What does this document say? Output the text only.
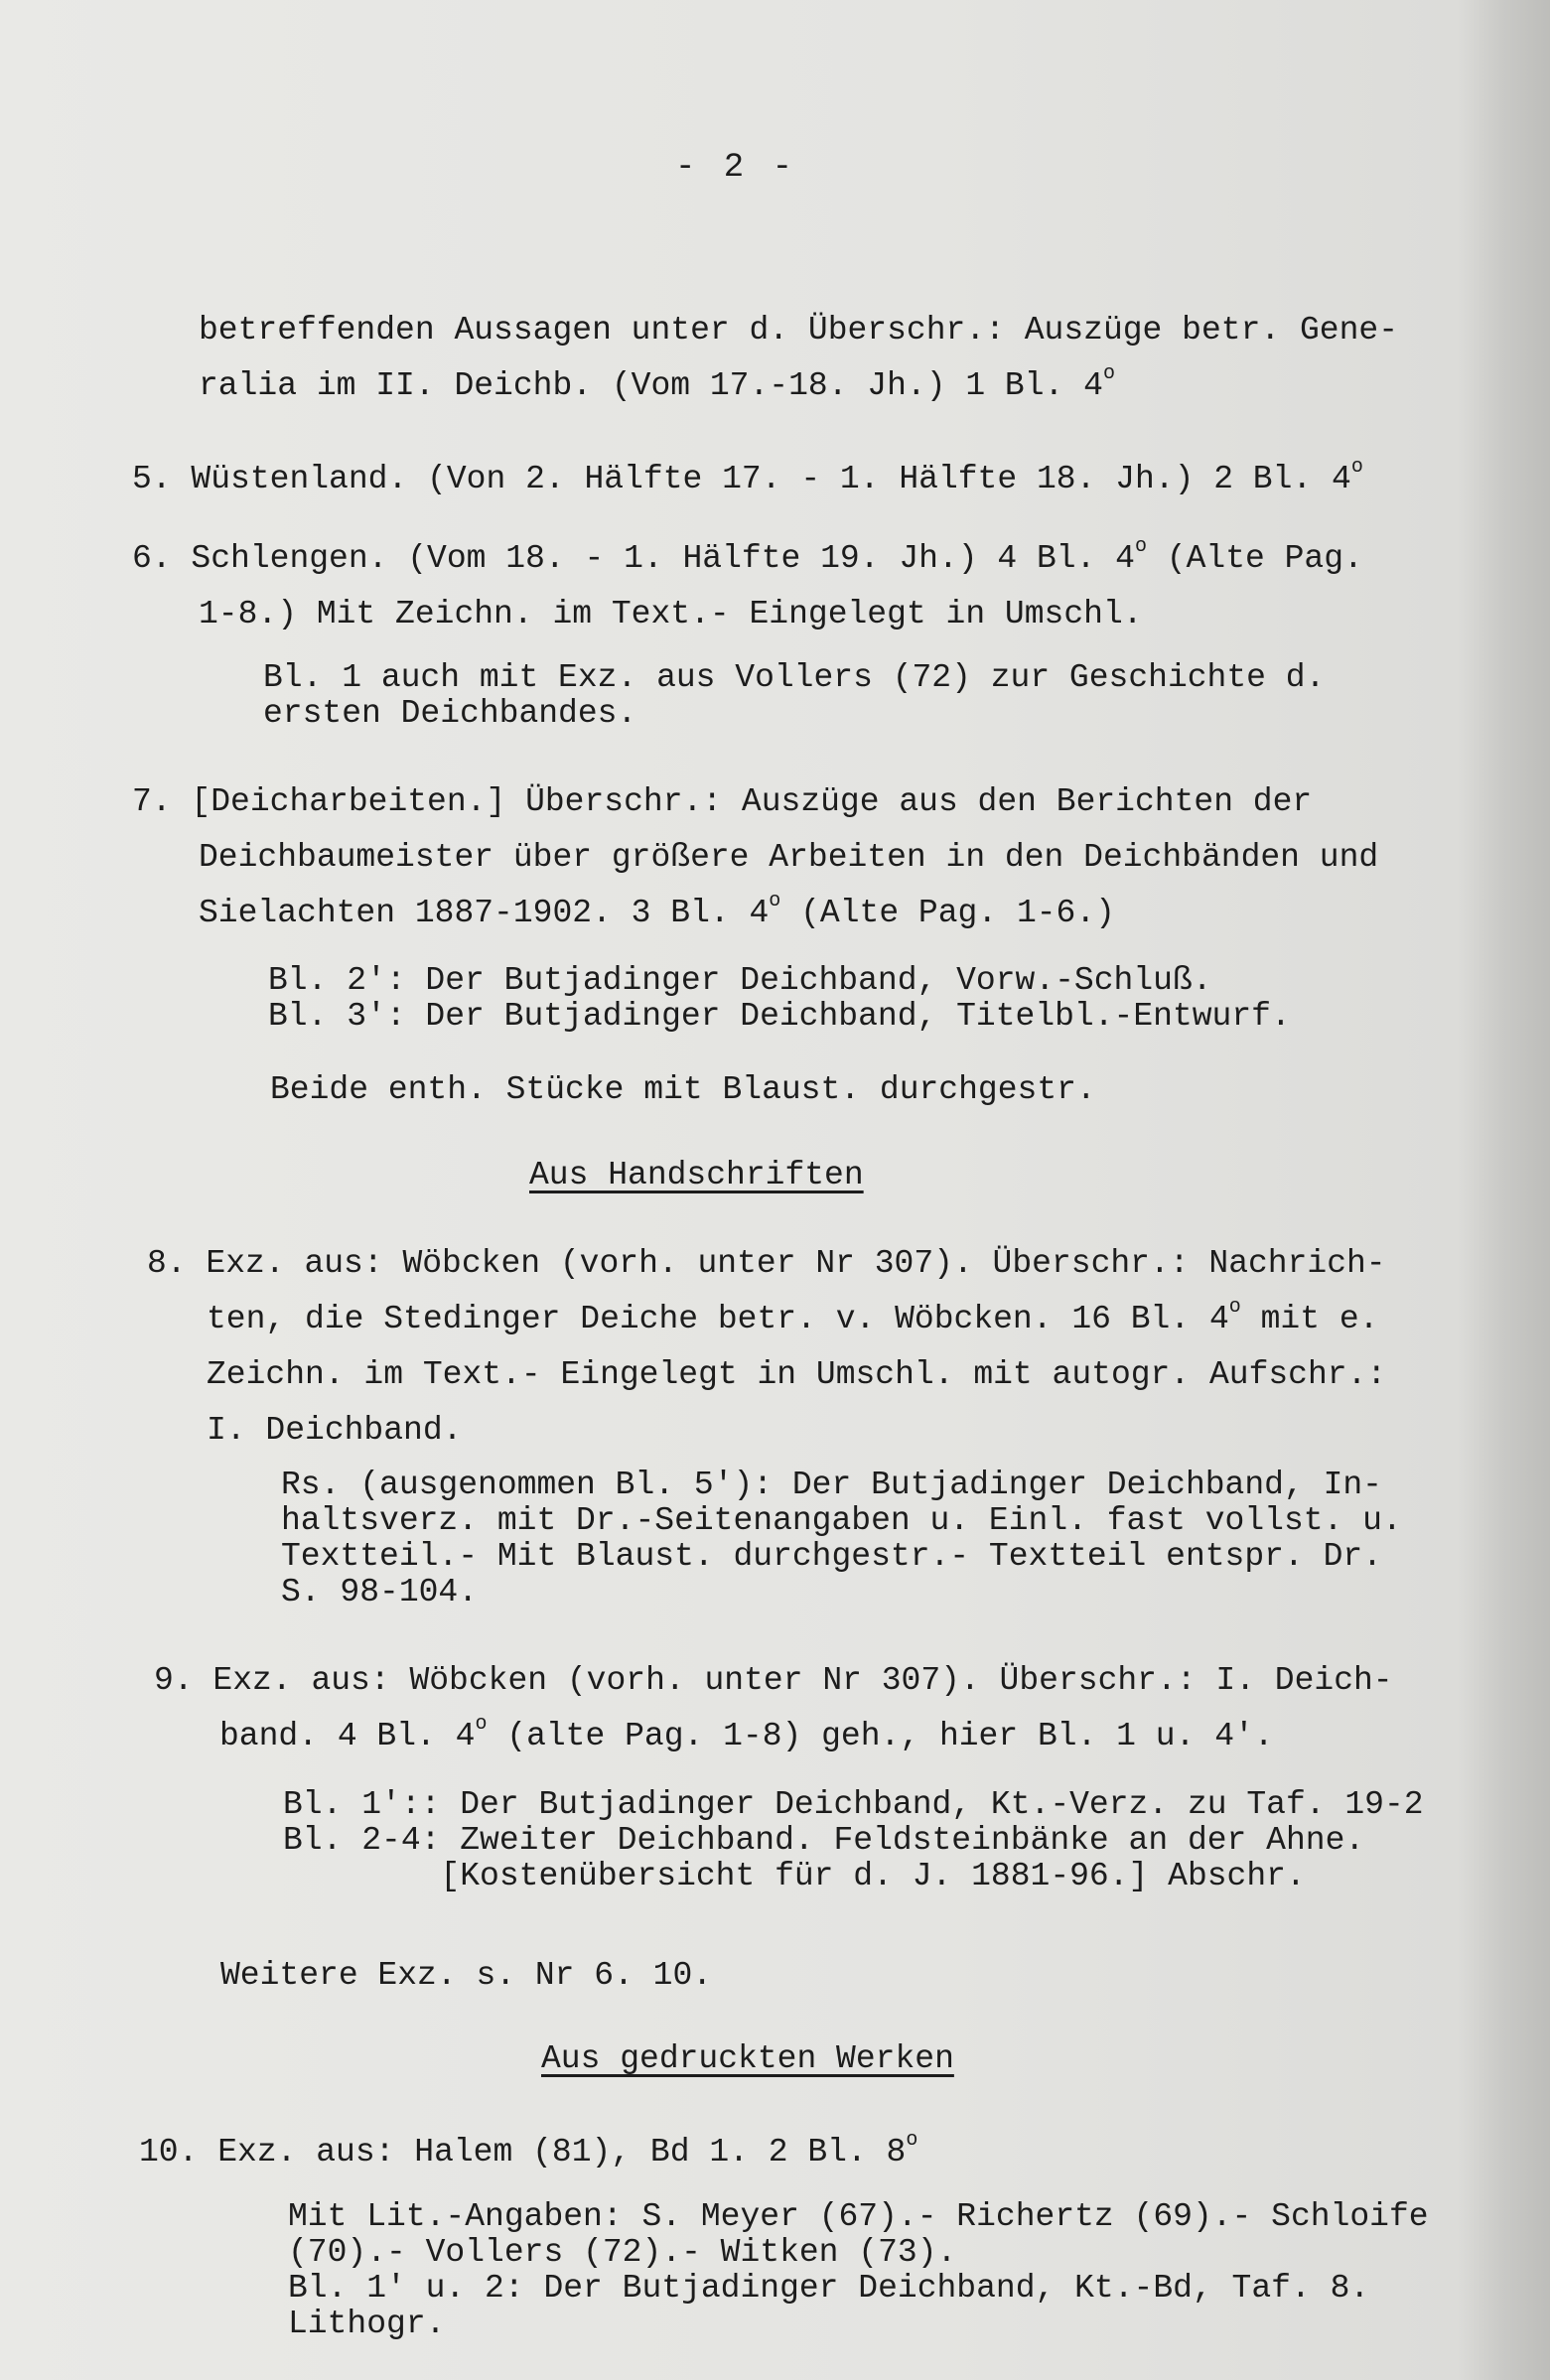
- 2 -
betreffenden Aussagen unter d. Überschr.: Auszüge betr. Gene-
ralia im II. Deichb. (Vom 17.-18. Jh.) 1 Bl. 4$^o$
5. Wüstenland. (Von 2. Hälfte 17. - 1. Hälfte 18. Jh.) 2 Bl. 4$^o$
6. Schlengen. (Vom 18. - 1. Hälfte 19. Jh.) 4 Bl. 4$^o$ (Alte Pag.
1-8.) Mit Zeichn. im Text.- Eingelegt in Umschl.
Bl. 1 auch mit Exz. aus Vollers (72) zur Geschichte d.
ersten Deichbandes.
7. [Deicharbeiten.] Überschr.: Auszüge aus den Berichten der
Deichbaumeister über größere Arbeiten in den Deichbänden und
Sielachten 1887-1902. 3 Bl. 4$^o$ (Alte Pag. 1-6.)
Bl. 2': Der Butjadinger Deichband, Vorw.-Schluß.
Bl. 3': Der Butjadinger Deichband, Titelbl.-Entwurf.
Beide enth. Stücke mit Blaust. durchgestr.
Aus Handschriften
8. Exz. aus: Wöbcken (vorh. unter Nr 307). Überschr.: Nachrich-
ten, die Stedinger Deiche betr. v. Wöbcken. 16 Bl. 4$^o$ mit e.
Zeichn. im Text.- Eingelegt in Umschl. mit autogr. Aufschr.:
I. Deichband.
Rs. (ausgenommen Bl. 5'): Der Butjadinger Deichband, In-
haltsverz. mit Dr.-Seitenangaben u. Einl. fast vollst. u.
Textteil.- Mit Blaust. durchgestr.- Textteil entspr. Dr.
S. 98-104.
9. Exz. aus: Wöbcken (vorh. unter Nr 307). Überschr.: I. Deich-
band. 4 Bl. 4$^o$ (alte Pag. 1-8) geh., hier Bl. 1 u. 4'.
Bl. 1':: Der Butjadinger Deichband, Kt.-Verz. zu Taf. 19-2
Bl. 2-4: Zweiter Deichband. Feldsteinbänke an der Ahne.
[Kostenübersicht für d. J. 1881-96.] Abschr.
Weitere Exz. s. Nr 6. 10.
Aus gedruckten Werken
10. Exz. aus: Halem (81), Bd 1. 2 Bl. 8$^o$
Mit Lit.-Angaben: S. Meyer (67).- Richertz (69).- Schloife
(70).- Vollers (72).- Witken (73).
Bl. 1' u. 2: Der Butjadinger Deichband, Kt.-Bd, Taf. 8.
Lithogr.
